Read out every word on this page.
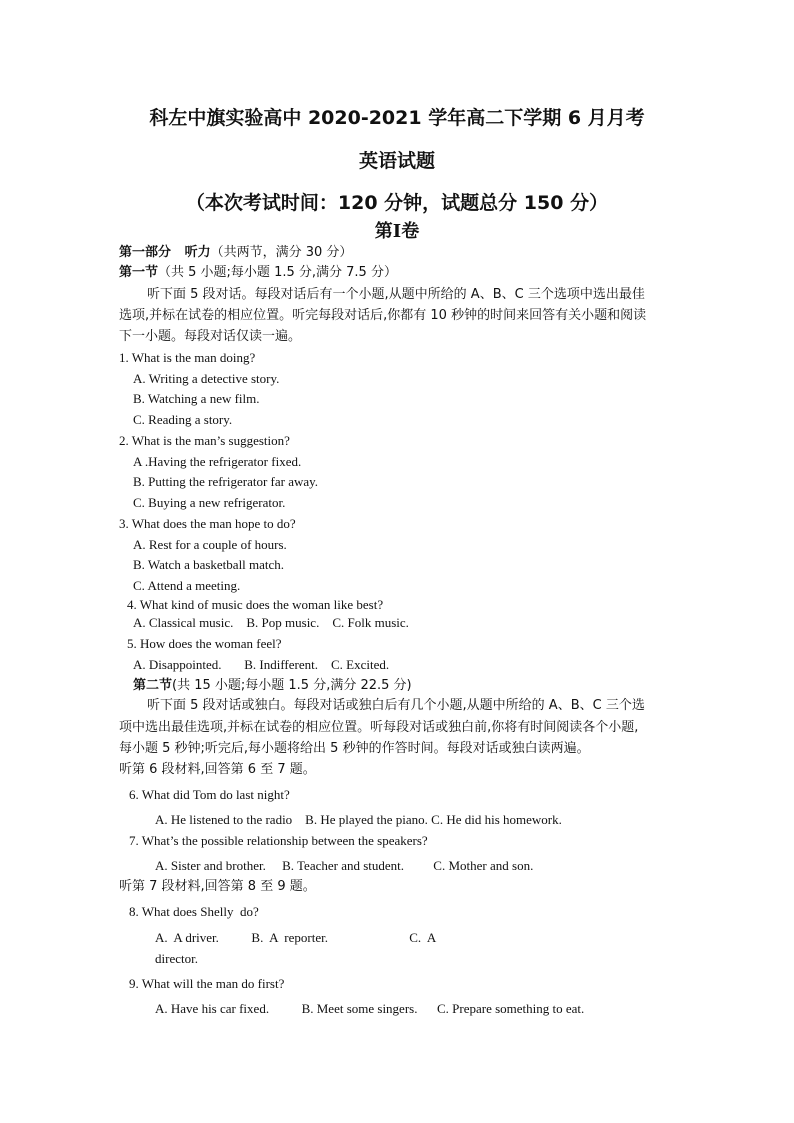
科左中旗实验高中 2020-2021 学年高二下学期 6 月月考
英语试题
（本次考试时间：120 分钟，试题总分 150 分）
第Ⅰ卷
第一部分   听力（共两节，满分 30 分）
第一节（共 5 小题;每小题 1.5 分,满分 7.5 分）
听下面 5 段对话。每段对话后有一个小题,从题中所给的 A、B、C 三个选项中选出最佳
选项,并标在试卷的相应位置。听完每段对话后,你都有 10 秒钟的时间来回答有关小题和阅读
下一小题。每段对话仅读一遍。
1. What is the man doing?
A. Writing a detective story.
B. Watching a new film.
C. Reading a story.
2. What is the man’s suggestion?
A .Having the refrigerator fixed.
B. Putting the refrigerator far away.
C. Buying a new refrigerator.
3. What does the man hope to do?
A. Rest for a couple of hours.
B. Watch a basketball match.
C. Attend a meeting.
4. What kind of music does the woman like best?
A. Classical music.    B. Pop music.    C. Folk music.
5. How does the woman feel?
A. Disappointed.       B. Indifferent.    C. Excited.
第二节(共 15 小题;每小题 1.5 分,满分 22.5 分)
听下面 5 段对话或独白。每段对话或独白后有几个小题,从题中所给的 A、B、C 三个选
项中选出最佳选项,并标在试卷的相应位置。听每段对话或独白前,你将有时间阅读各个小题,
每小题 5 秒钟;听完后,每小题将给出 5 秒钟的作答时间。每段对话或独白读两遍。
听第 6 段材料,回答第 6 至 7 题。
6. What did Tom do last night?
A. He listened to the radio    B. He played the piano. C. He did his homework.
7. What’s the possible relationship between the speakers?
A. Sister and brother.     B. Teacher and student.         C. Mother and son.
听第 7 段材料,回答第 8 至 9 题。
8. What does Shelly  do?
A.  A driver.          B.  A  reporter.                         C.  A
director.
9. What will the man do first?
A. Have his car fixed.          B. Meet some singers.      C. Prepare something to eat.
